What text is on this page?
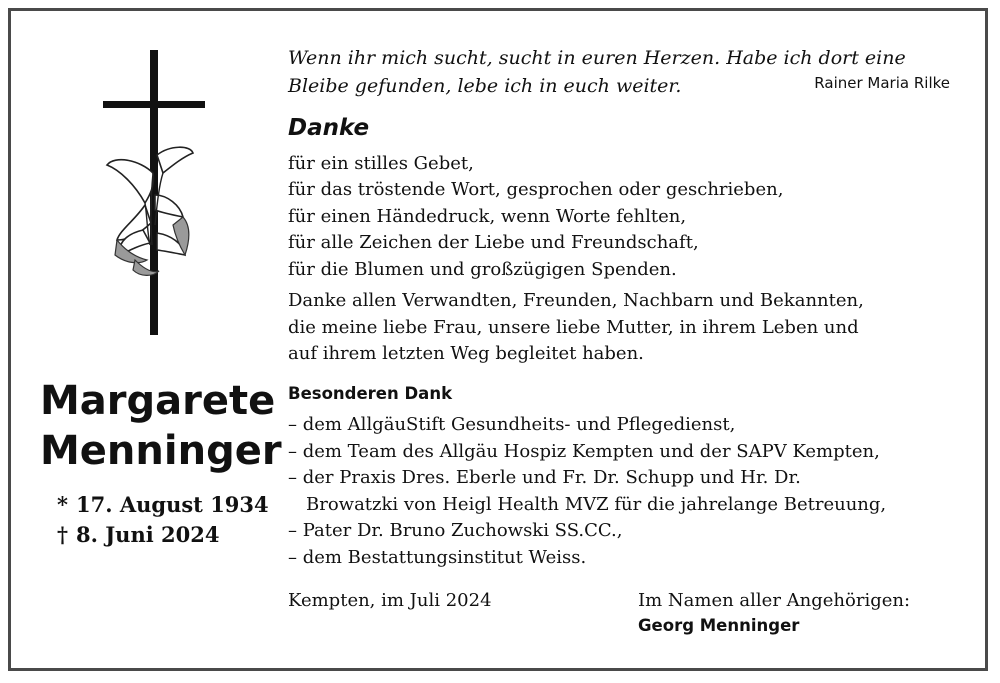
Wenn ihr mich sucht, sucht in euren Herzen. Habe ich dort eine
Bleibe gefunden, lebe ich in euch weiter.	Rainer Maria Rilke
Danke
für ein stilles Gebet,
für das tröstende Wort, gesprochen oder geschrieben,
für einen Händedruck, wenn Worte fehlten,
für alle Zeichen der Liebe und Freundschaft,
für die Blumen und großzügigen Spenden.
Danke allen Verwandten, Freunden, Nachbarn und Bekannten,
die meine liebe Frau, unsere liebe Mutter, in ihrem Leben und
auf ihrem letzten Weg begleitet haben.
Besonderen Dank
– dem AllgäuStift Gesundheits- und Pflegedienst,
– dem Team des Allgäu Hospiz Kempten und der SAPV Kempten,
– der Praxis Dres. Eberle und Fr. Dr. Schupp und Hr. Dr.
Browatzki von Heigl Health MVZ für die jahrelange Betreuung,
– Pater Dr. Bruno Zuchowski SS.CC.,
– dem Bestattungsinstitut Weiss.
Margarete
Menninger
* 17. August 1934
† 8. Juni 2024
Kempten, im Juli 2024	Im Namen aller Angehörigen:
Georg Menninger
